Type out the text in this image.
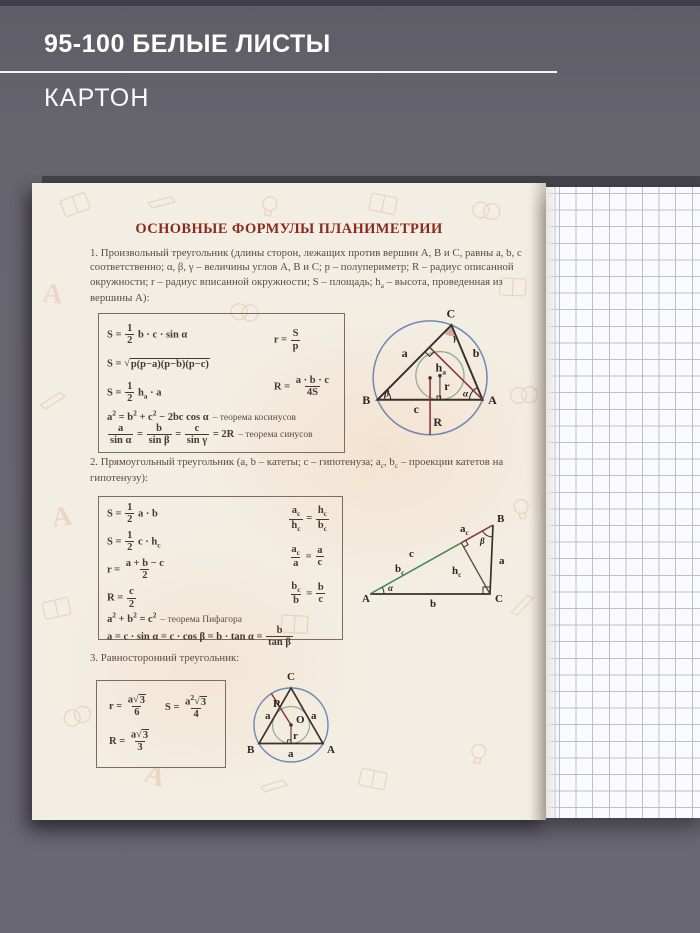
95-100 БЕЛЫЕ ЛИСТЫ
КАРТОН
А
А
А
ОСНОВНЫЕ ФОРМУЛЫ ПЛАНИМЕТРИИ

1. Произвольный треугольник (длины сторон, лежащих против вершин А, В и С, равны a, b, c соответственно; α, β, γ – величины углов А, В и С; p – полупериметр; R – радиус описанной окружности; r – радиус вписанной окружности; S – площадь; $h_a$ – высота, проведенная из вершины А):

$S = \frac{1}{2}$ b · c · sin α
S = √ p(p−a)(p−b)(p−c)
$S = \frac{1}{2} h_a \cdot a$
$r = \frac{S}{p}$
$R = \frac{a \cdot b \cdot c}{4S}$
$a^2 = b^2 + c^2 - 2bc$ cos α – теорема косинусов
$\frac{a}{\text{sin α}} = \frac{b}{\text{sin β}} = \frac{c}{\text{sin γ}} = 2R$ – теорема синусов
C
B	A
a	b
c
$h_a$
r
R
α
β
γ

2. Прямоугольный треугольник (a, b – катеты; c – гипотенуза; $a_c$, $b_c$ – проекции катетов на гипотенузу):

$S = \frac{1}{2}$ a · b
$S = \frac{1}{2}$ $c \cdot h_c$
$r = \frac{a + b - c}{2}$
$R = \frac{c}{2}$
$\frac{a_c}{h_c} = \frac{h_c}{b_c}$
$\frac{a_c}{a} = \frac{a}{c}$
$\frac{b_c}{b} = \frac{b}{c}$
$a^2 + b^2 = c^2$ – теорема Пифагора
$a = c \cdot \sin \alpha = c \cdot \cos \beta = b \cdot \tan \alpha = \frac{b}{\text{tan β}}$
A
B
C
a
b
c
$h_c$
$a_c$
$b_c$
α
β

3. Равносторонний треугольник:

$r = \frac{a √ 3}{6}$ $S = \frac{a^2 √ 3}{4}$
$R = \frac{a √ 3}{3}$
C
B	A
a	a
a
O
r
R
